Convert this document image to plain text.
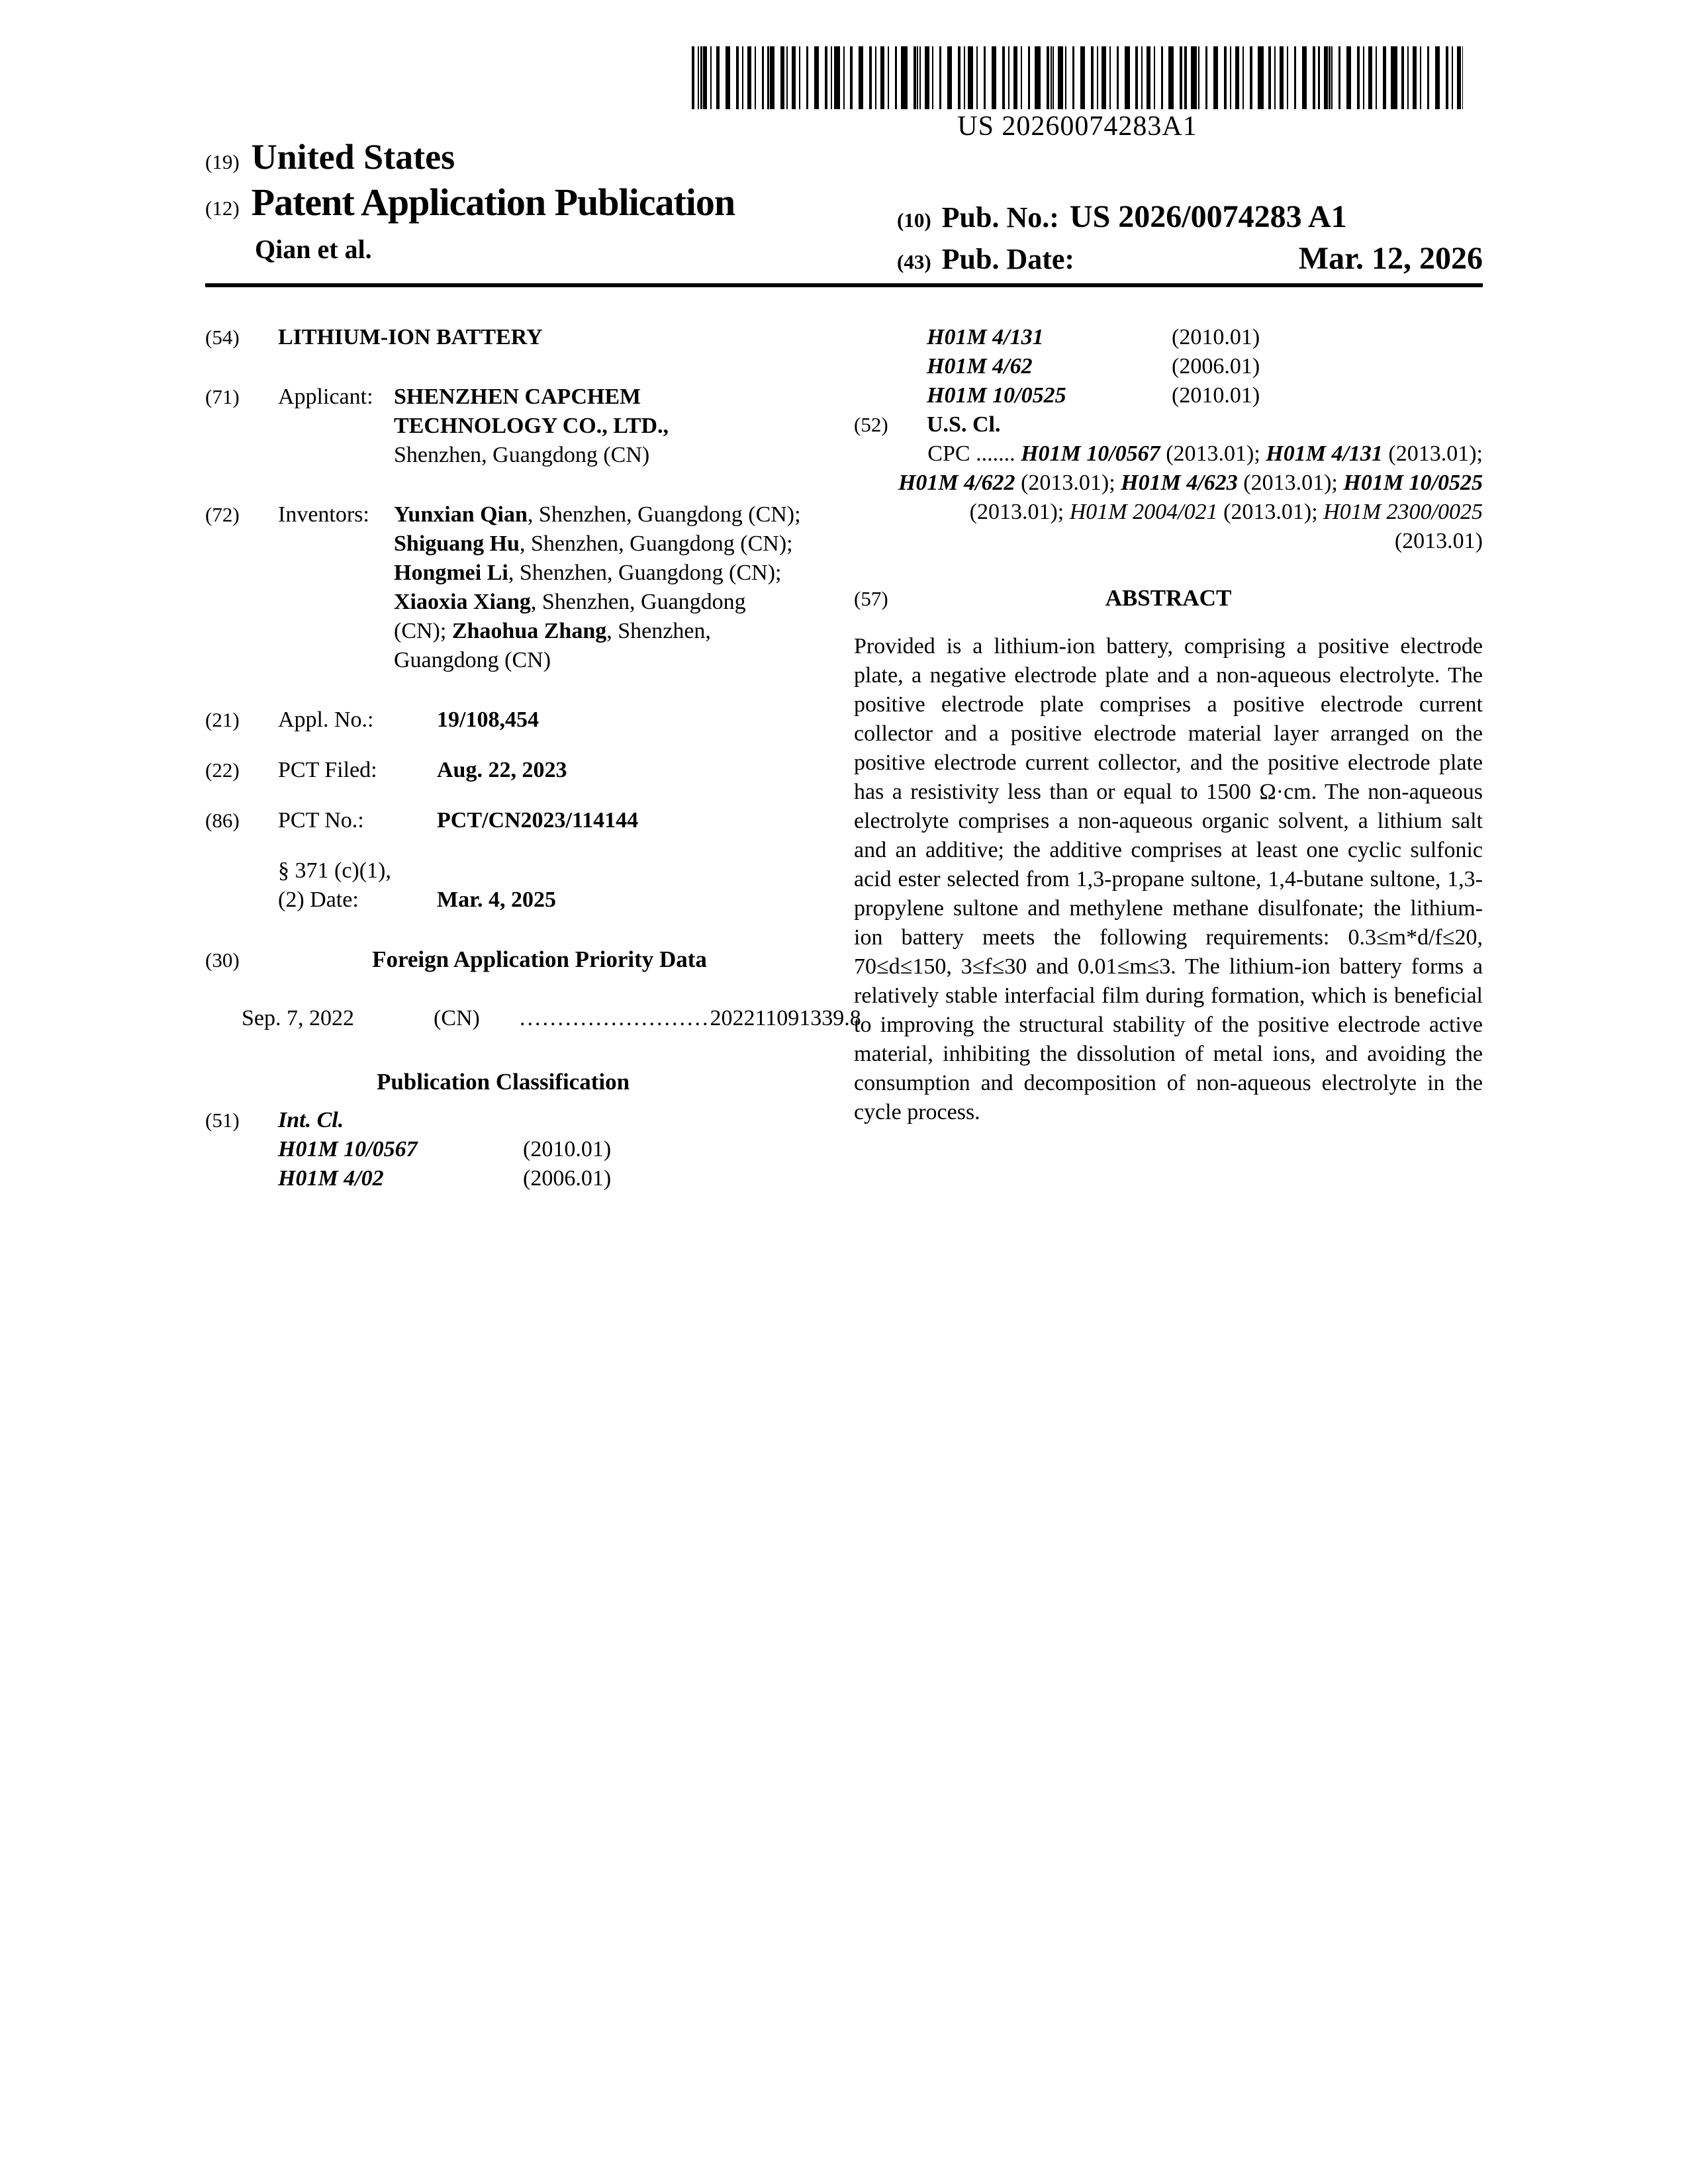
US 20260074283A1
(19) United States
(12) Patent Application Publication
Qian et al.
(10) Pub. No.: US 2026/0074283 A1
(43) Pub. Date:	Mar. 12, 2026
(54)	LITHIUM-ION BATTERY
(71)	Applicant: SHENZHEN CAPCHEM TECHNOLOGY CO., LTD., Shenzhen, Guangdong (CN)
(72)	Inventors:	Yunxian Qian, Shenzhen, Guangdong (CN); Shiguang Hu, Shenzhen, Guangdong (CN); Hongmei Li, Shenzhen, Guangdong (CN); Xiaoxia Xiang, Shenzhen, Guangdong (CN); Zhaohua Zhang, Shenzhen, Guangdong (CN)
(21)	Appl. No.:	19/108,454
(22)	PCT Filed:	Aug. 22, 2023
(86)	PCT No.:	PCT/CN2023/114144
§ 371 (c)(1),
(2) Date:	Mar. 4, 2025
(30)	Foreign Application Priority Data
Sep. 7, 2022	(CN)	......................... 202211091339.8
Publication Classification
(51)	Int. Cl.
H01M 10/0567	(2010.01)
H01M 4/02	(2006.01)
H01M 4/131	(2010.01)
H01M 4/62	(2006.01)
H01M 10/0525	(2010.01)
(52)	U.S. Cl.
CPC ....... H01M 10/0567 (2013.01); H01M 4/131 (2013.01); H01M 4/622 (2013.01); H01M 4/623 (2013.01); H01M 10/0525 (2013.01); H01M 2004/021 (2013.01); H01M 2300/0025 (2013.01)
(57)	ABSTRACT
Provided is a lithium-ion battery, comprising a positive electrode plate, a negative electrode plate and a non-aqueous electrolyte. The positive electrode plate comprises a positive electrode current collector and a positive electrode material layer arranged on the positive electrode current collector, and the positive electrode plate has a resistivity less than or equal to 1500 Ω·cm. The non-aqueous electrolyte comprises a non-aqueous organic solvent, a lithium salt and an additive; the additive comprises at least one cyclic sulfonic acid ester selected from 1,3-propane sultone, 1,4-butane sultone, 1,3-propylene sultone and methylene methane disulfonate; the lithium-ion battery meets the following requirements: 0.3≤m*d/f≤20, 70≤d≤150, 3≤f≤30 and 0.01≤m≤3. The lithium-ion battery forms a relatively stable interfacial film during formation, which is beneficial to improving the structural stability of the positive electrode active material, inhibiting the dissolution of metal ions, and avoiding the consumption and decomposition of non-aqueous electrolyte in the cycle process.
